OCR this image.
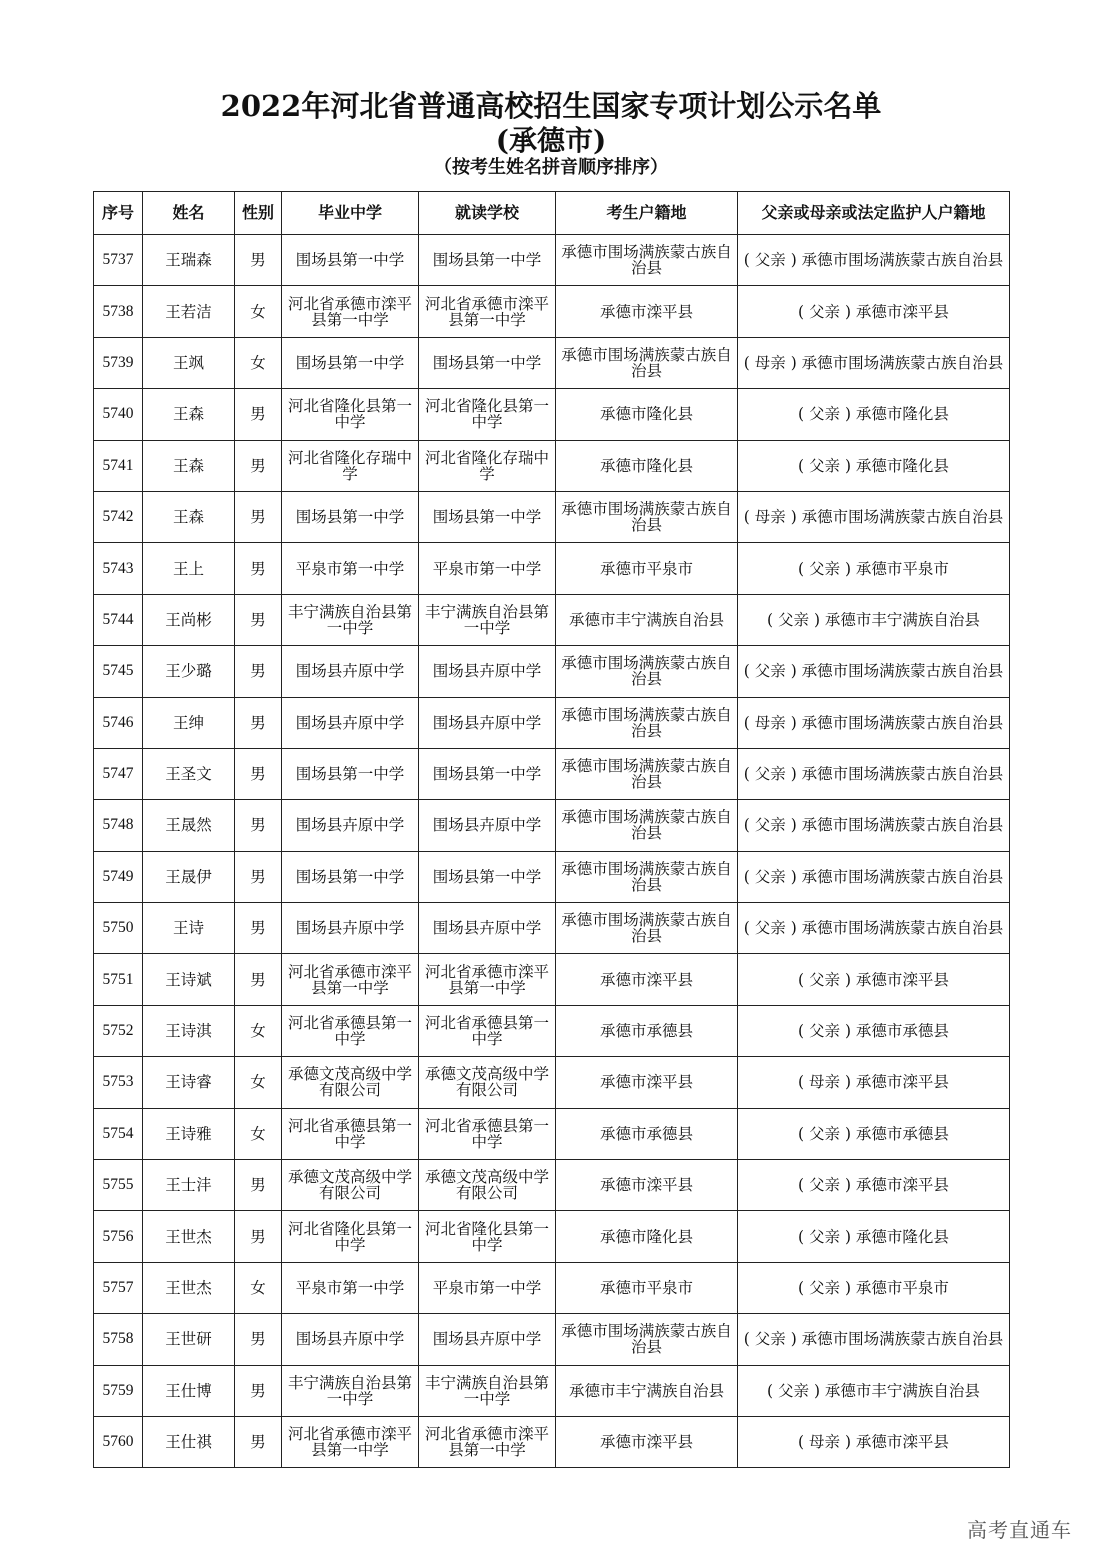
2022年河北省普通高校招生国家专项计划公示名单
(承德市)
（按考生姓名拼音顺序排序）
序号	姓名	性别	毕业中学	就读学校	考生户籍地	父亲或母亲或法定监护人户籍地
5737	王瑞森	男	围场县第一中学	围场县第一中学	承德市围场满族蒙古族自治县	( 父亲 ) 承德市围场满族蒙古族自治县
5738	王若洁	女	河北省承德市滦平县第一中学	河北省承德市滦平县第一中学	承德市滦平县	( 父亲 ) 承德市滦平县
5739	王飒	女	围场县第一中学	围场县第一中学	承德市围场满族蒙古族自治县	( 母亲 ) 承德市围场满族蒙古族自治县
5740	王森	男	河北省隆化县第一中学	河北省隆化县第一中学	承德市隆化县	( 父亲 ) 承德市隆化县
5741	王森	男	河北省隆化存瑞中学	河北省隆化存瑞中学	承德市隆化县	( 父亲 ) 承德市隆化县
5742	王森	男	围场县第一中学	围场县第一中学	承德市围场满族蒙古族自治县	( 母亲 ) 承德市围场满族蒙古族自治县
5743	王上	男	平泉市第一中学	平泉市第一中学	承德市平泉市	( 父亲 ) 承德市平泉市
5744	王尚彬	男	丰宁满族自治县第一中学	丰宁满族自治县第一中学	承德市丰宁满族自治县	( 父亲 ) 承德市丰宁满族自治县
5745	王少璐	男	围场县卉原中学	围场县卉原中学	承德市围场满族蒙古族自治县	( 父亲 ) 承德市围场满族蒙古族自治县
5746	王绅	男	围场县卉原中学	围场县卉原中学	承德市围场满族蒙古族自治县	( 母亲 ) 承德市围场满族蒙古族自治县
5747	王圣文	男	围场县第一中学	围场县第一中学	承德市围场满族蒙古族自治县	( 父亲 ) 承德市围场满族蒙古族自治县
5748	王晟然	男	围场县卉原中学	围场县卉原中学	承德市围场满族蒙古族自治县	( 父亲 ) 承德市围场满族蒙古族自治县
5749	王晟伊	男	围场县第一中学	围场县第一中学	承德市围场满族蒙古族自治县	( 父亲 ) 承德市围场满族蒙古族自治县
5750	王诗	男	围场县卉原中学	围场县卉原中学	承德市围场满族蒙古族自治县	( 父亲 ) 承德市围场满族蒙古族自治县
5751	王诗斌	男	河北省承德市滦平县第一中学	河北省承德市滦平县第一中学	承德市滦平县	( 父亲 ) 承德市滦平县
5752	王诗淇	女	河北省承德县第一中学	河北省承德县第一中学	承德市承德县	( 父亲 ) 承德市承德县
5753	王诗睿	女	承德文茂高级中学有限公司	承德文茂高级中学有限公司	承德市滦平县	( 母亲 ) 承德市滦平县
5754	王诗雅	女	河北省承德县第一中学	河北省承德县第一中学	承德市承德县	( 父亲 ) 承德市承德县
5755	王士沣	男	承德文茂高级中学有限公司	承德文茂高级中学有限公司	承德市滦平县	( 父亲 ) 承德市滦平县
5756	王世杰	男	河北省隆化县第一中学	河北省隆化县第一中学	承德市隆化县	( 父亲 ) 承德市隆化县
5757	王世杰	女	平泉市第一中学	平泉市第一中学	承德市平泉市	( 父亲 ) 承德市平泉市
5758	王世研	男	围场县卉原中学	围场县卉原中学	承德市围场满族蒙古族自治县	( 父亲 ) 承德市围场满族蒙古族自治县
5759	王仕博	男	丰宁满族自治县第一中学	丰宁满族自治县第一中学	承德市丰宁满族自治县	( 父亲 ) 承德市丰宁满族自治县
5760	王仕祺	男	河北省承德市滦平县第一中学	河北省承德市滦平县第一中学	承德市滦平县	( 母亲 ) 承德市滦平县
高考直通车
